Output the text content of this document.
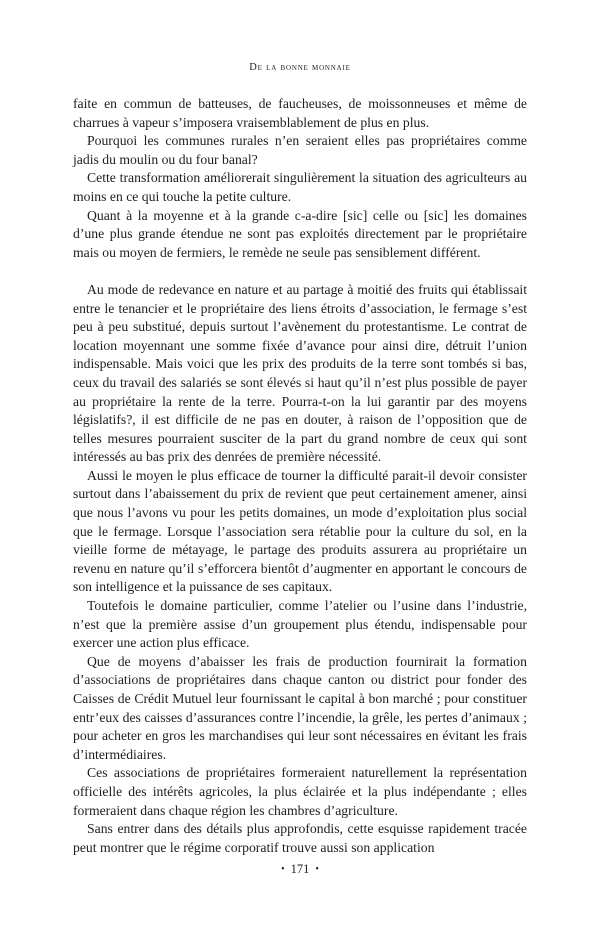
De la bonne monnaie

faite en commun de batteuses, de faucheuses, de moissonneuses et même de charrues à vapeur s’imposera vraisemblablement de plus en plus.

Pourquoi les communes rurales n’en seraient elles pas propriétaires comme jadis du moulin ou du four banal?

Cette transformation améliorerait singulièrement la situation des agriculteurs au moins en ce qui touche la petite culture.

Quant à la moyenne et à la grande c-a-dire [sic] celle ou [sic] les domaines d’une plus grande étendue ne sont pas exploités directement par le propriétaire mais ou moyen de fermiers, le remède ne seule pas sensiblement différent.

Au mode de redevance en nature et au partage à moitié des fruits qui établissait entre le tenancier et le propriétaire des liens étroits d’association, le fermage s’est peu à peu substitué, depuis surtout l’avènement du protestantisme. Le contrat de location moyennant une somme fixée d’avance pour ainsi dire, détruit l’union indispensable. Mais voici que les prix des produits de la terre sont tombés si bas, ceux du travail des salariés se sont élevés si haut qu’il n’est plus possible de payer au propriétaire la rente de la terre. Pourra-t-on la lui garantir par des moyens législatifs?, il est difficile de ne pas en douter, à raison de l’opposition que de telles mesures pourraient susciter de la part du grand nombre de ceux qui sont intéressés au bas prix des denrées de première nécessité.

Aussi le moyen le plus efficace de tourner la difficulté parait-il devoir consister surtout dans l’abaissement du prix de revient que peut certainement amener, ainsi que nous l’avons vu pour les petits domaines, un mode d’exploitation plus social que le fermage. Lorsque l’association sera rétablie pour la culture du sol, en la vieille forme de métayage, le partage des produits assurera au propriétaire un revenu en nature qu’il s’efforcera bientôt d’augmenter en apportant le concours de son intelligence et la puissance de ses capitaux.

Toutefois le domaine particulier, comme l’atelier ou l’usine dans l’industrie, n’est que la première assise d’un groupement plus étendu, indispensable pour exercer une action plus efficace.

Que de moyens d’abaisser les frais de production fournirait la formation d’associations de propriétaires dans chaque canton ou district pour fonder des Caisses de Crédit Mutuel leur fournissant le capital à bon marché ; pour constituer entr’eux des caisses d’assurances contre l’incendie, la grêle, les pertes d’animaux ; pour acheter en gros les marchandises qui leur sont nécessaires en évitant les frais d’intermédiaires.

Ces associations de propriétaires formeraient naturellement la représentation officielle des intérêts agricoles, la plus éclairée et la plus indépendante ; elles formeraient dans chaque région les chambres d’agriculture.

Sans entrer dans des détails plus approfondis, cette esquisse rapidement tracée peut montrer que le régime corporatif trouve aussi son application

• 171 •
